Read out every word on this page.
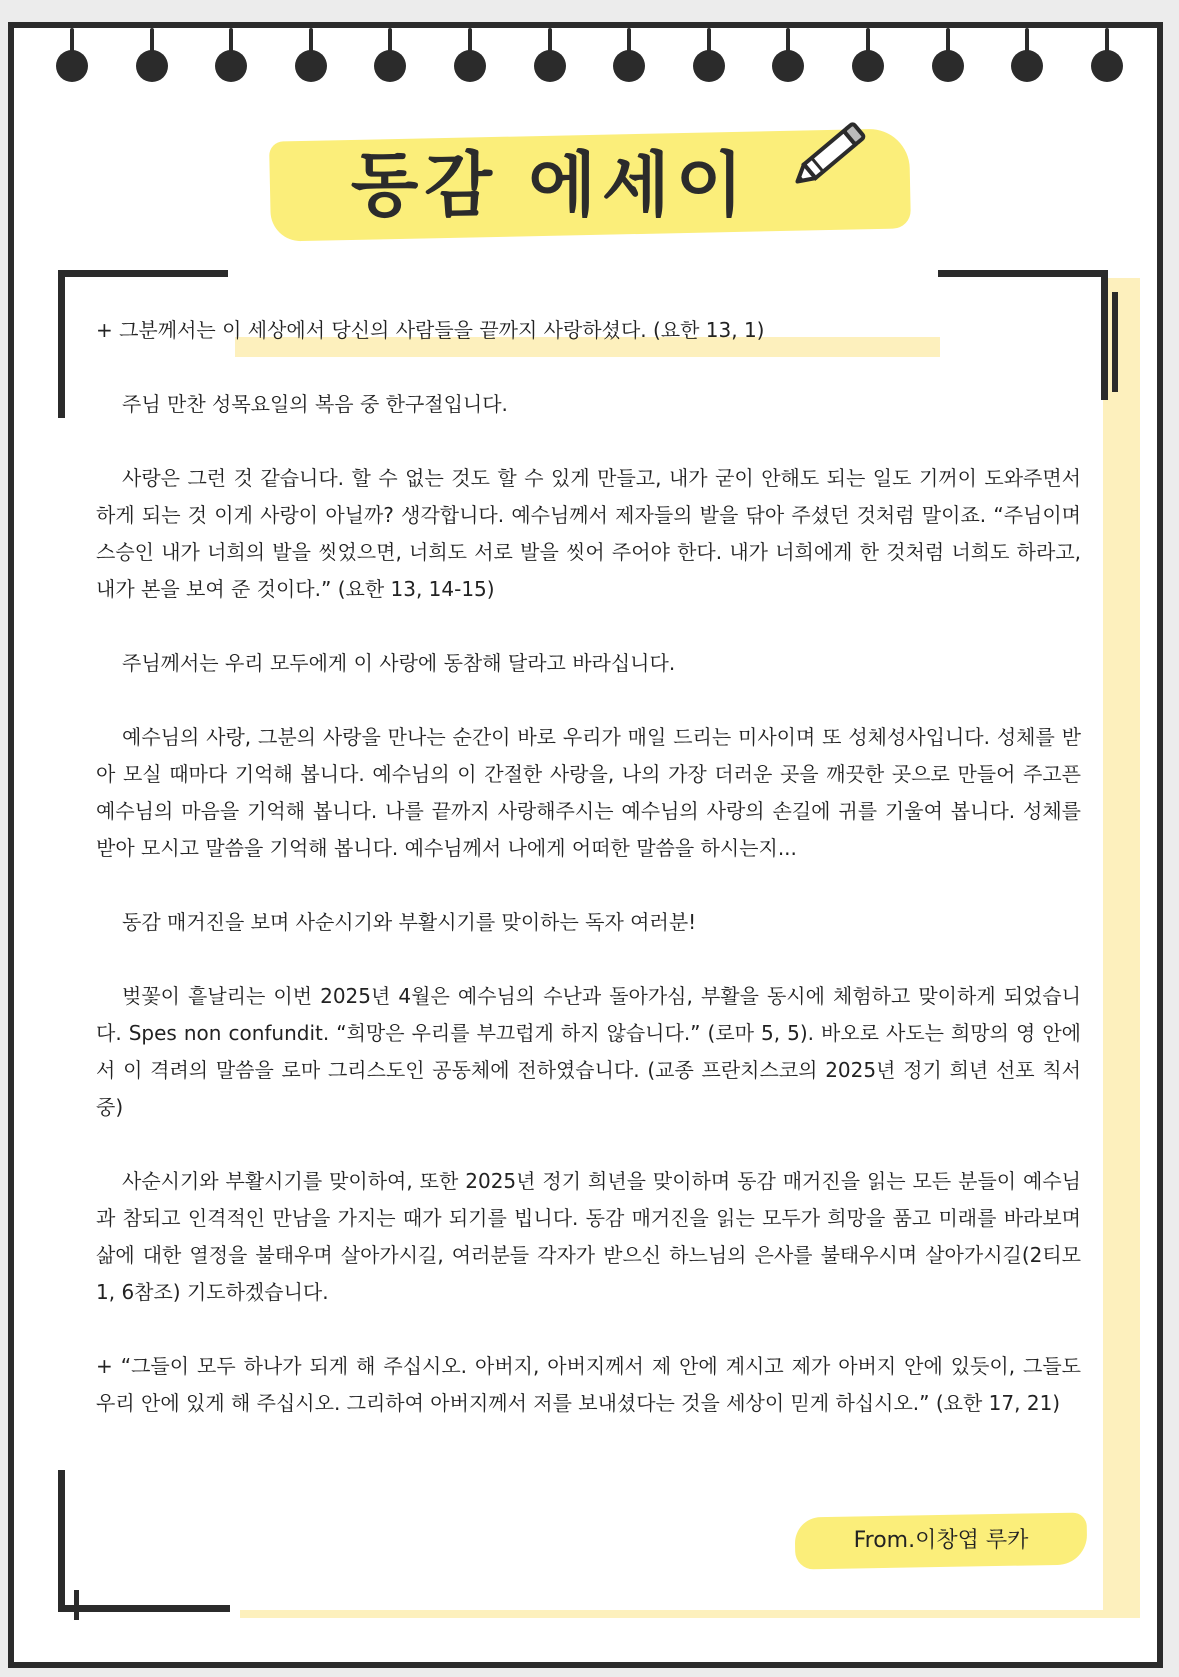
동감 에세이

+ 그분께서는 이 세상에서 당신의 사람들을 끝까지 사랑하셨다. (요한 13, 1)

주님 만찬 성목요일의 복음 중 한구절입니다.

사랑은 그런 것 같습니다. 할 수 없는 것도 할 수 있게 만들고, 내가 굳이 안해도 되는 일도 기꺼이 도와주면서 하게 되는 것 이게 사랑이 아닐까? 생각합니다. 예수님께서 제자들의 발을 닦아 주셨던 것처럼 말이죠. “주님이며 스승인 내가 너희의 발을 씻었으면, 너희도 서로 발을 씻어 주어야 한다. 내가 너희에게 한 것처럼 너희도 하라고, 내가 본을 보여 준 것이다.” (요한 13, 14-15)

주님께서는 우리 모두에게 이 사랑에 동참해 달라고 바라십니다.

예수님의 사랑, 그분의 사랑을 만나는 순간이 바로 우리가 매일 드리는 미사이며 또 성체성사입니다. 성체를 받아 모실 때마다 기억해 봅니다. 예수님의 이 간절한 사랑을, 나의 가장 더러운 곳을 깨끗한 곳으로 만들어 주고픈 예수님의 마음을 기억해 봅니다. 나를 끝까지 사랑해주시는 예수님의 사랑의 손길에 귀를 기울여 봅니다. 성체를 받아 모시고 말씀을 기억해 봅니다. 예수님께서 나에게 어떠한 말씀을 하시는지...

동감 매거진을 보며 사순시기와 부활시기를 맞이하는 독자 여러분!

벚꽃이 흩날리는 이번 2025년 4월은 예수님의 수난과 돌아가심, 부활을 동시에 체험하고 맞이하게 되었습니다. Spes non confundit. “희망은 우리를 부끄럽게 하지 않습니다.” (로마 5, 5). 바오로 사도는 희망의 영 안에서 이 격려의 말씀을 로마 그리스도인 공동체에 전하였습니다. (교종 프란치스코의 2025년 정기 희년 선포 칙서 중)

사순시기와 부활시기를 맞이하여, 또한 2025년 정기 희년을 맞이하며 동감 매거진을 읽는 모든 분들이 예수님과 참되고 인격적인 만남을 가지는 때가 되기를 빕니다. 동감 매거진을 읽는 모두가 희망을 품고 미래를 바라보며 삶에 대한 열정을 불태우며 살아가시길, 여러분들 각자가 받으신 하느님의 은사를 불태우시며 살아가시길(2티모 1, 6참조) 기도하겠습니다.

+ “그들이 모두 하나가 되게 해 주십시오. 아버지, 아버지께서 제 안에 계시고 제가 아버지 안에 있듯이, 그들도 우리 안에 있게 해 주십시오. 그리하여 아버지께서 저를 보내셨다는 것을 세상이 믿게 하십시오.” (요한 17, 21)

From.이창엽 루카
